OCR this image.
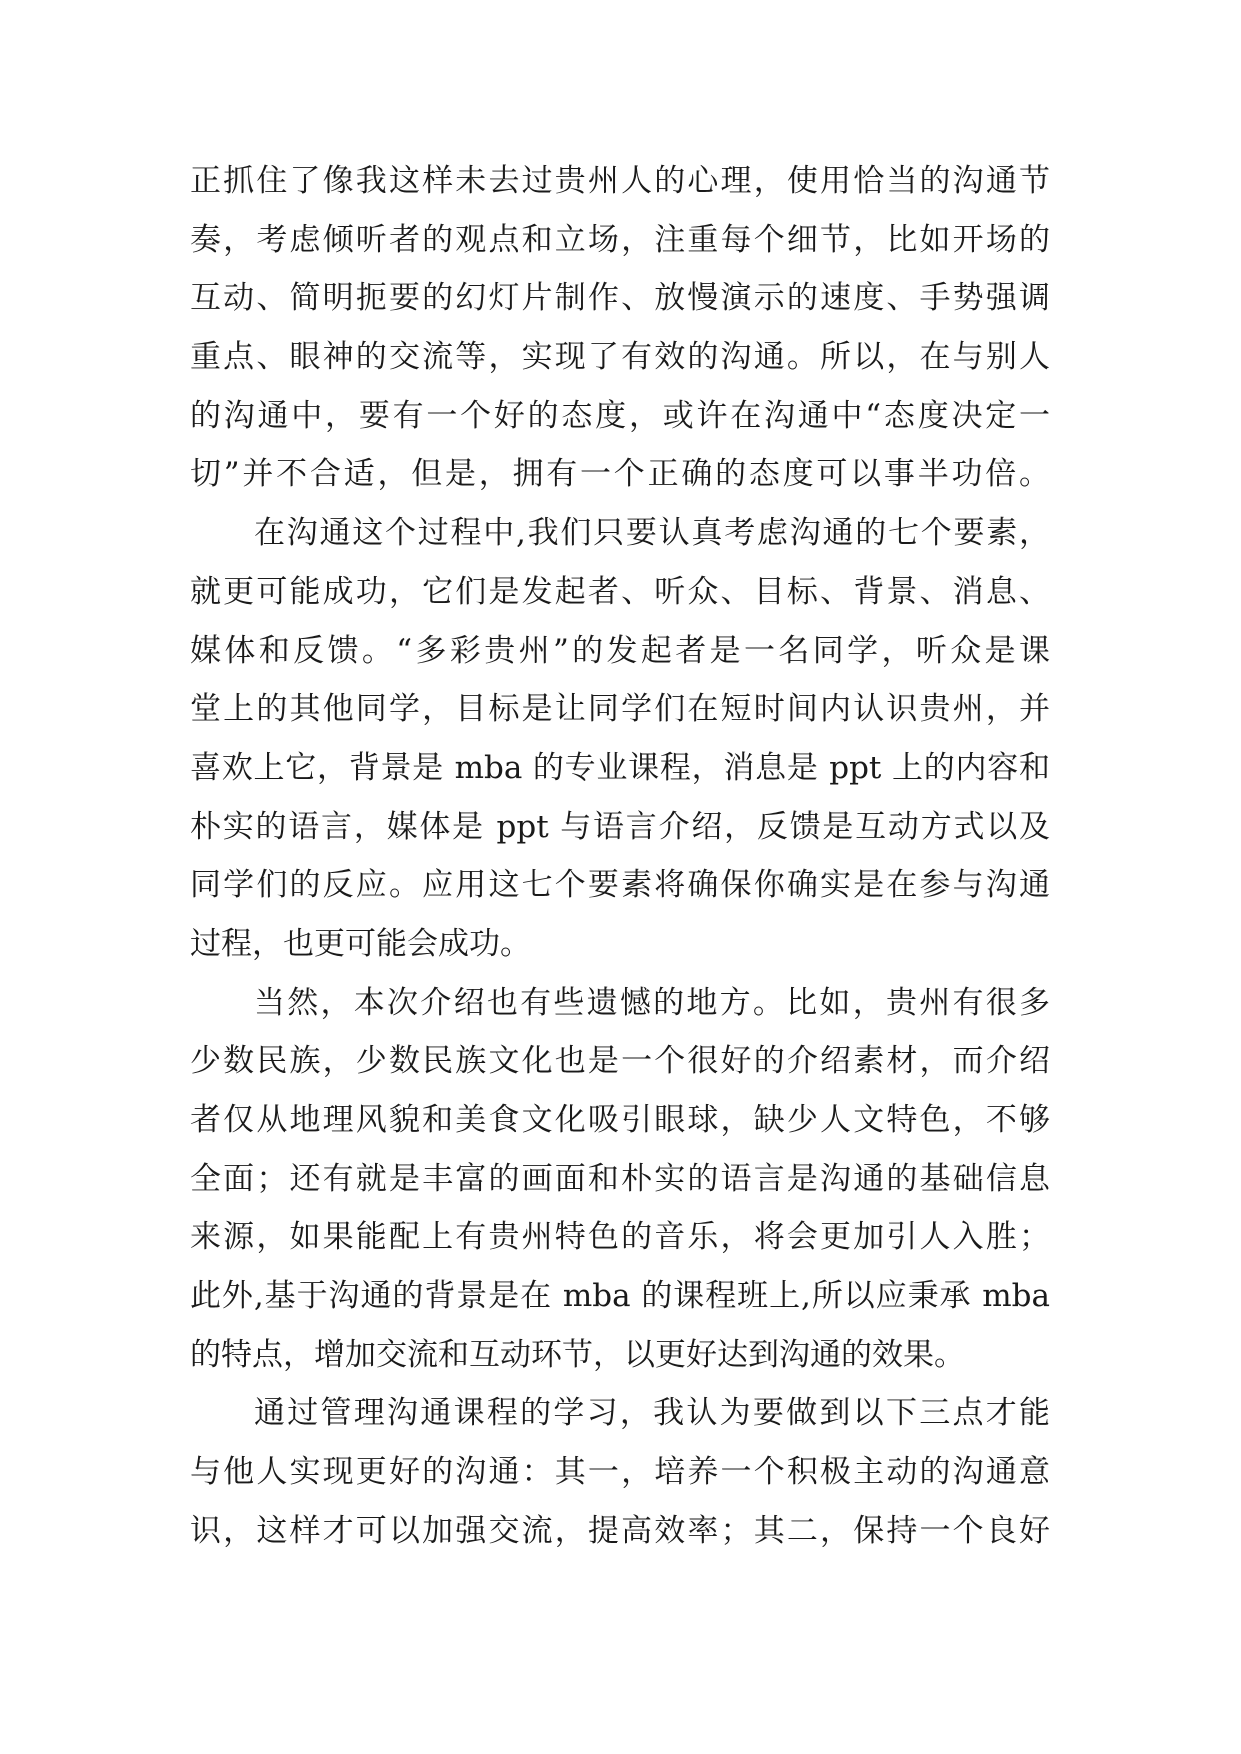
正抓住了像我这样未去过贵州人的心理，使用恰当的沟通节
奏，考虑倾听者的观点和立场，注重每个细节，比如开场的
互动、简明扼要的幻灯片制作、放慢演示的速度、手势强调
重点、眼神的交流等，实现了有效的沟通。所以，在与别人
的沟通中，要有一个好的态度，或许在沟通中“态度决定一
切”并不合适，但是，拥有一个正确的态度可以事半功倍。
在沟通这个过程中,我们只要认真考虑沟通的七个要素，
就更可能成功，它们是发起者、听众、目标、背景、消息、
媒体和反馈。“多彩贵州”的发起者是一名同学，听众是课
堂上的其他同学，目标是让同学们在短时间内认识贵州，并
喜欢上它，背景是 mba 的专业课程，消息是 ppt 上的内容和
朴实的语言，媒体是 ppt 与语言介绍，反馈是互动方式以及
同学们的反应。应用这七个要素将确保你确实是在参与沟通
过程，也更可能会成功。
当然，本次介绍也有些遗憾的地方。比如，贵州有很多
少数民族，少数民族文化也是一个很好的介绍素材，而介绍
者仅从地理风貌和美食文化吸引眼球，缺少人文特色，不够
全面；还有就是丰富的画面和朴实的语言是沟通的基础信息
来源，如果能配上有贵州特色的音乐，将会更加引人入胜；
此外,基于沟通的背景是在 mba 的课程班上,所以应秉承 mba
的特点，增加交流和互动环节，以更好达到沟通的效果。
通过管理沟通课程的学习，我认为要做到以下三点才能
与他人实现更好的沟通：其一，培养一个积极主动的沟通意
识，这样才可以加强交流，提高效率；其二，保持一个良好
